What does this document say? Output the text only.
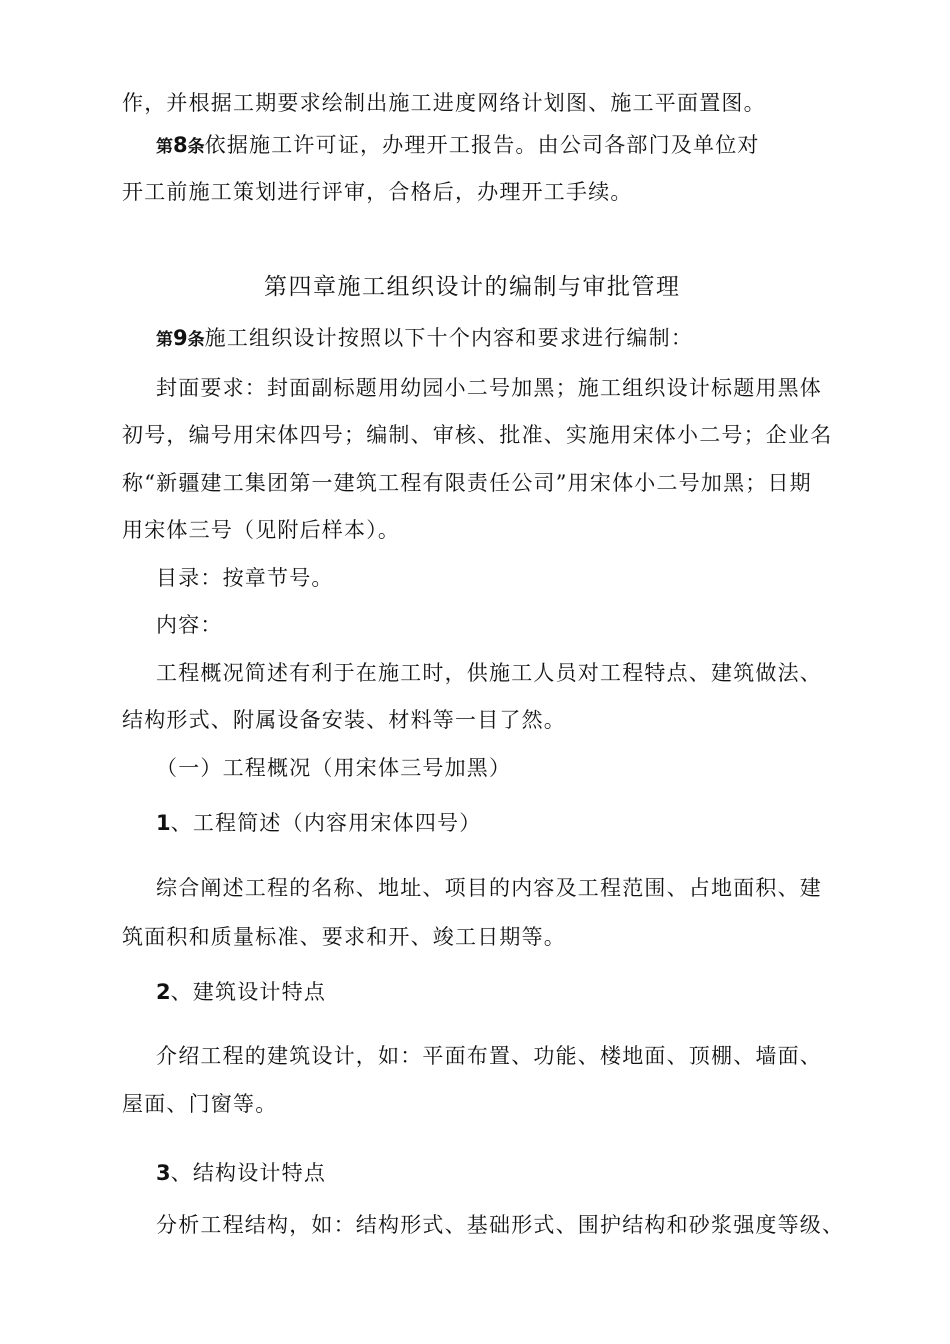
作，并根据工期要求绘制出施工进度网络计划图、施工平面置图。
第8条依据施工许可证，办理开工报告。由公司各部门及单位对
开工前施工策划进行评审，合格后，办理开工手续。
第四章施工组织设计的编制与审批管理
第9条施工组织设计按照以下十个内容和要求进行编制：
封面要求：封面副标题用幼园小二号加黑；施工组织设计标题用黑体
初号，编号用宋体四号；编制、审核、批准、实施用宋体小二号；企业名
称“新疆建工集团第一建筑工程有限责任公司”用宋体小二号加黑；日期
用宋体三号（见附后样本）。
目录：按章节号。
内容：
工程概况简述有利于在施工时，供施工人员对工程特点、建筑做法、
结构形式、附属设备安装、材料等一目了然。
（一）工程概况（用宋体三号加黑）
1、工程简述（内容用宋体四号）
综合阐述工程的名称、地址、项目的内容及工程范围、占地面积、建
筑面积和质量标准、要求和开、竣工日期等。
2、建筑设计特点
介绍工程的建筑设计，如：平面布置、功能、楼地面、顶棚、墙面、
屋面、门窗等。
3、结构设计特点
分析工程结构，如：结构形式、基础形式、围护结构和砂浆强度等级、
